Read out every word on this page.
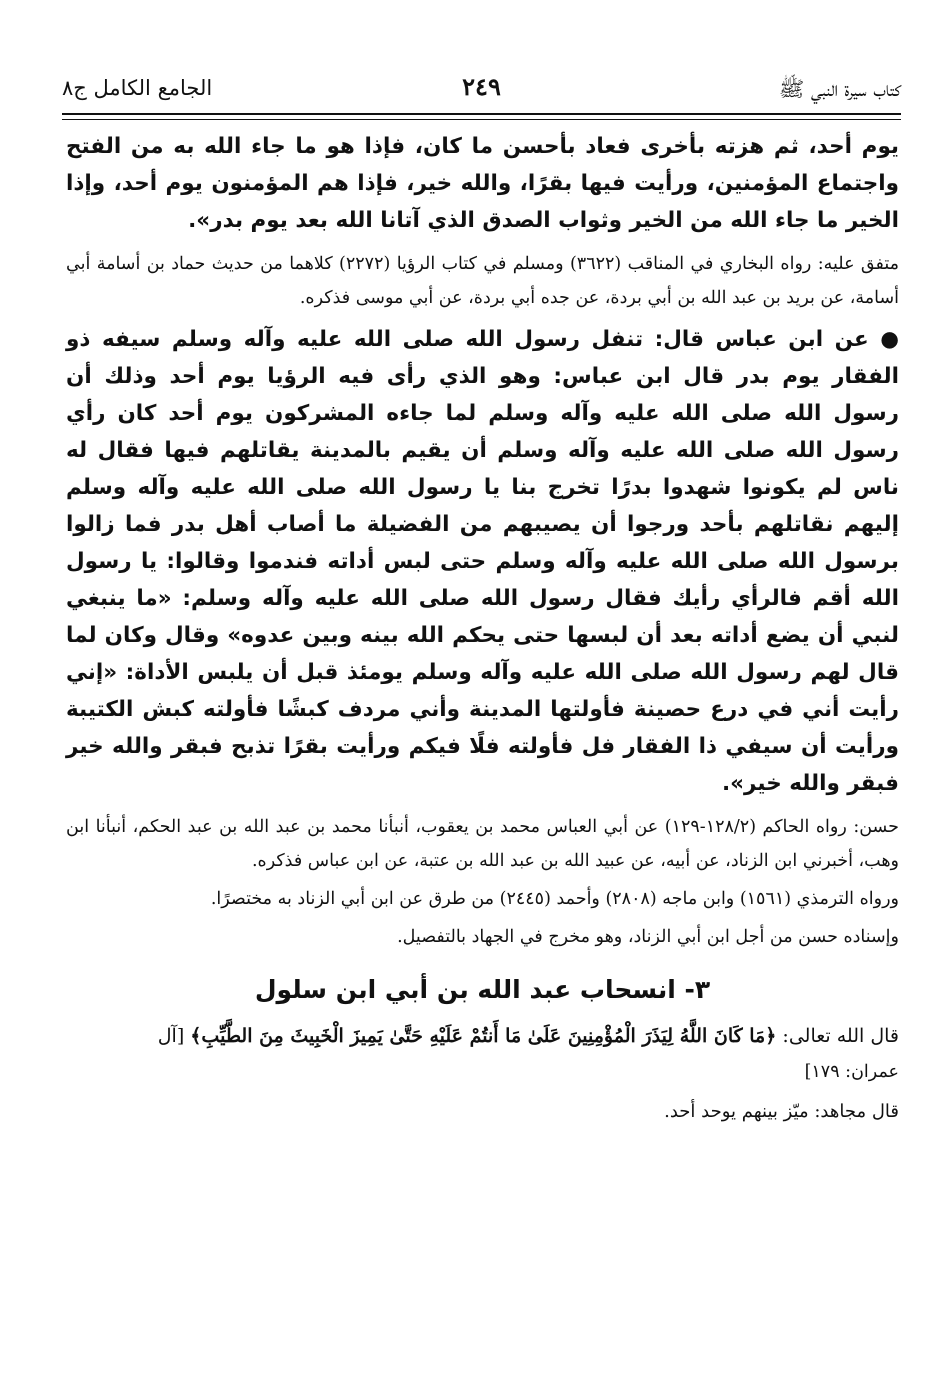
كتاب سيرة النبي ﷺ
٢٤٩
الجامع الكامل ج٨

يوم أحد، ثم هزته بأخرى فعاد بأحسن ما كان، فإذا هو ما جاء الله به من الفتح واجتماع المؤمنين، ورأيت فيها بقرًا، والله خير، فإذا هم المؤمنون يوم أحد، وإذا الخير ما جاء الله من الخير وثواب الصدق الذي آتانا الله بعد يوم بدر».

متفق عليه: رواه البخاري في المناقب (٣٦٢٢) ومسلم في كتاب الرؤيا (٢٢٧٢) كلاهما من حديث حماد بن أسامة أبي أسامة، عن بريد بن عبد الله بن أبي بردة، عن جده أبي بردة، عن أبي موسى فذكره.

● عن ابن عباس قال: تنفل رسول الله صلى الله عليه وآله وسلم سيفه ذو الفقار يوم بدر قال ابن عباس: وهو الذي رأى فيه الرؤيا يوم أحد وذلك أن رسول الله صلى الله عليه وآله وسلم لما جاءه المشركون يوم أحد كان رأي رسول الله صلى الله عليه وآله وسلم أن يقيم بالمدينة يقاتلهم فيها فقال له ناس لم يكونوا شهدوا بدرًا تخرج بنا يا رسول الله صلى الله عليه وآله وسلم إليهم نقاتلهم بأحد ورجوا أن يصيبهم من الفضيلة ما أصاب أهل بدر فما زالوا برسول الله صلى الله عليه وآله وسلم حتى لبس أداته فندموا وقالوا: يا رسول الله أقم فالرأي رأيك فقال رسول الله صلى الله عليه وآله وسلم: «ما ينبغي لنبي أن يضع أداته بعد أن لبسها حتى يحكم الله بينه وبين عدوه» وقال وكان لما قال لهم رسول الله صلى الله عليه وآله وسلم يومئذ قبل أن يلبس الأداة: «إني رأيت أني في درع حصينة فأولتها المدينة وأني مردف كبشًا فأولته كبش الكتيبة ورأيت أن سيفي ذا الفقار فل فأولته فلًا فيكم ورأيت بقرًا تذبح فبقر والله خير فبقر والله خير».

حسن: رواه الحاكم (١٢٨/٢-١٢٩) عن أبي العباس محمد بن يعقوب، أنبأنا محمد بن عبد الله بن عبد الحكم، أنبأنا ابن وهب، أخبرني ابن الزناد، عن أبيه، عن عبيد الله بن عبد الله بن عتبة، عن ابن عباس فذكره.

ورواه الترمذي (١٥٦١) وابن ماجه (٢٨٠٨) وأحمد (٢٤٤٥) من طرق عن ابن أبي الزناد به مختصرًا.

وإسناده حسن من أجل ابن أبي الزناد، وهو مخرج في الجهاد بالتفصيل.

٣- انسحاب عبد الله بن أبي ابن سلول

قال الله تعالى: ﴿مَا كَانَ اللَّهُ لِيَذَرَ الْمُؤْمِنِينَ عَلَىٰ مَا أَنتُمْ عَلَيْهِ حَتَّىٰ يَمِيزَ الْخَبِيثَ مِنَ الطَّيِّبِ﴾ [آل

عمران: ١٧٩]

قال مجاهد: ميّز بينهم يوحد أحد.
